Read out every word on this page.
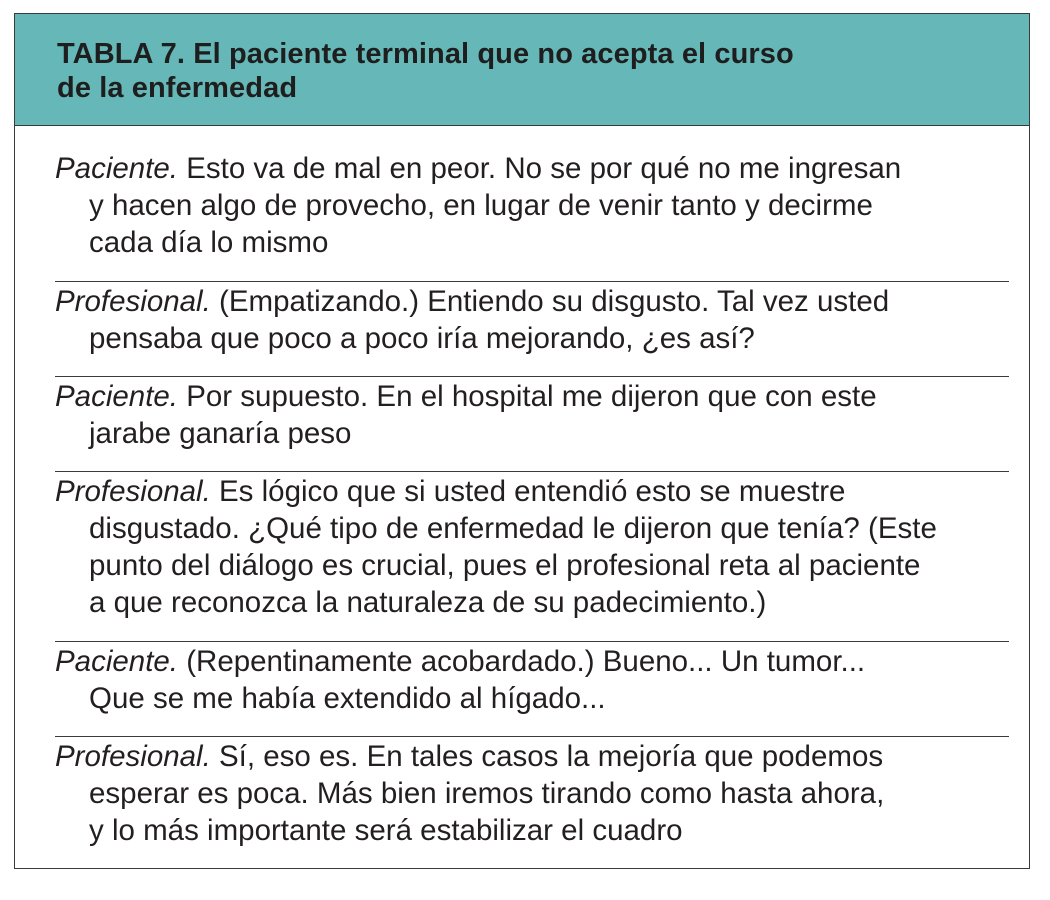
TABLA 7. El paciente terminal que no acepta el curso
de la enfermedad
Paciente. Esto va de mal en peor. No se por qué no me ingresan
y hacen algo de provecho, en lugar de venir tanto y decirme
cada día lo mismo
Profesional. (Empatizando.) Entiendo su disgusto. Tal vez usted
pensaba que poco a poco iría mejorando, ¿es así?
Paciente. Por supuesto. En el hospital me dijeron que con este
jarabe ganaría peso
Profesional. Es lógico que si usted entendió esto se muestre
disgustado. ¿Qué tipo de enfermedad le dijeron que tenía? (Este
punto del diálogo es crucial, pues el profesional reta al paciente
a que reconozca la naturaleza de su padecimiento.)
Paciente. (Repentinamente acobardado.) Bueno... Un tumor...
Que se me había extendido al hígado...
Profesional. Sí, eso es. En tales casos la mejoría que podemos
esperar es poca. Más bien iremos tirando como hasta ahora,
y lo más importante será estabilizar el cuadro
